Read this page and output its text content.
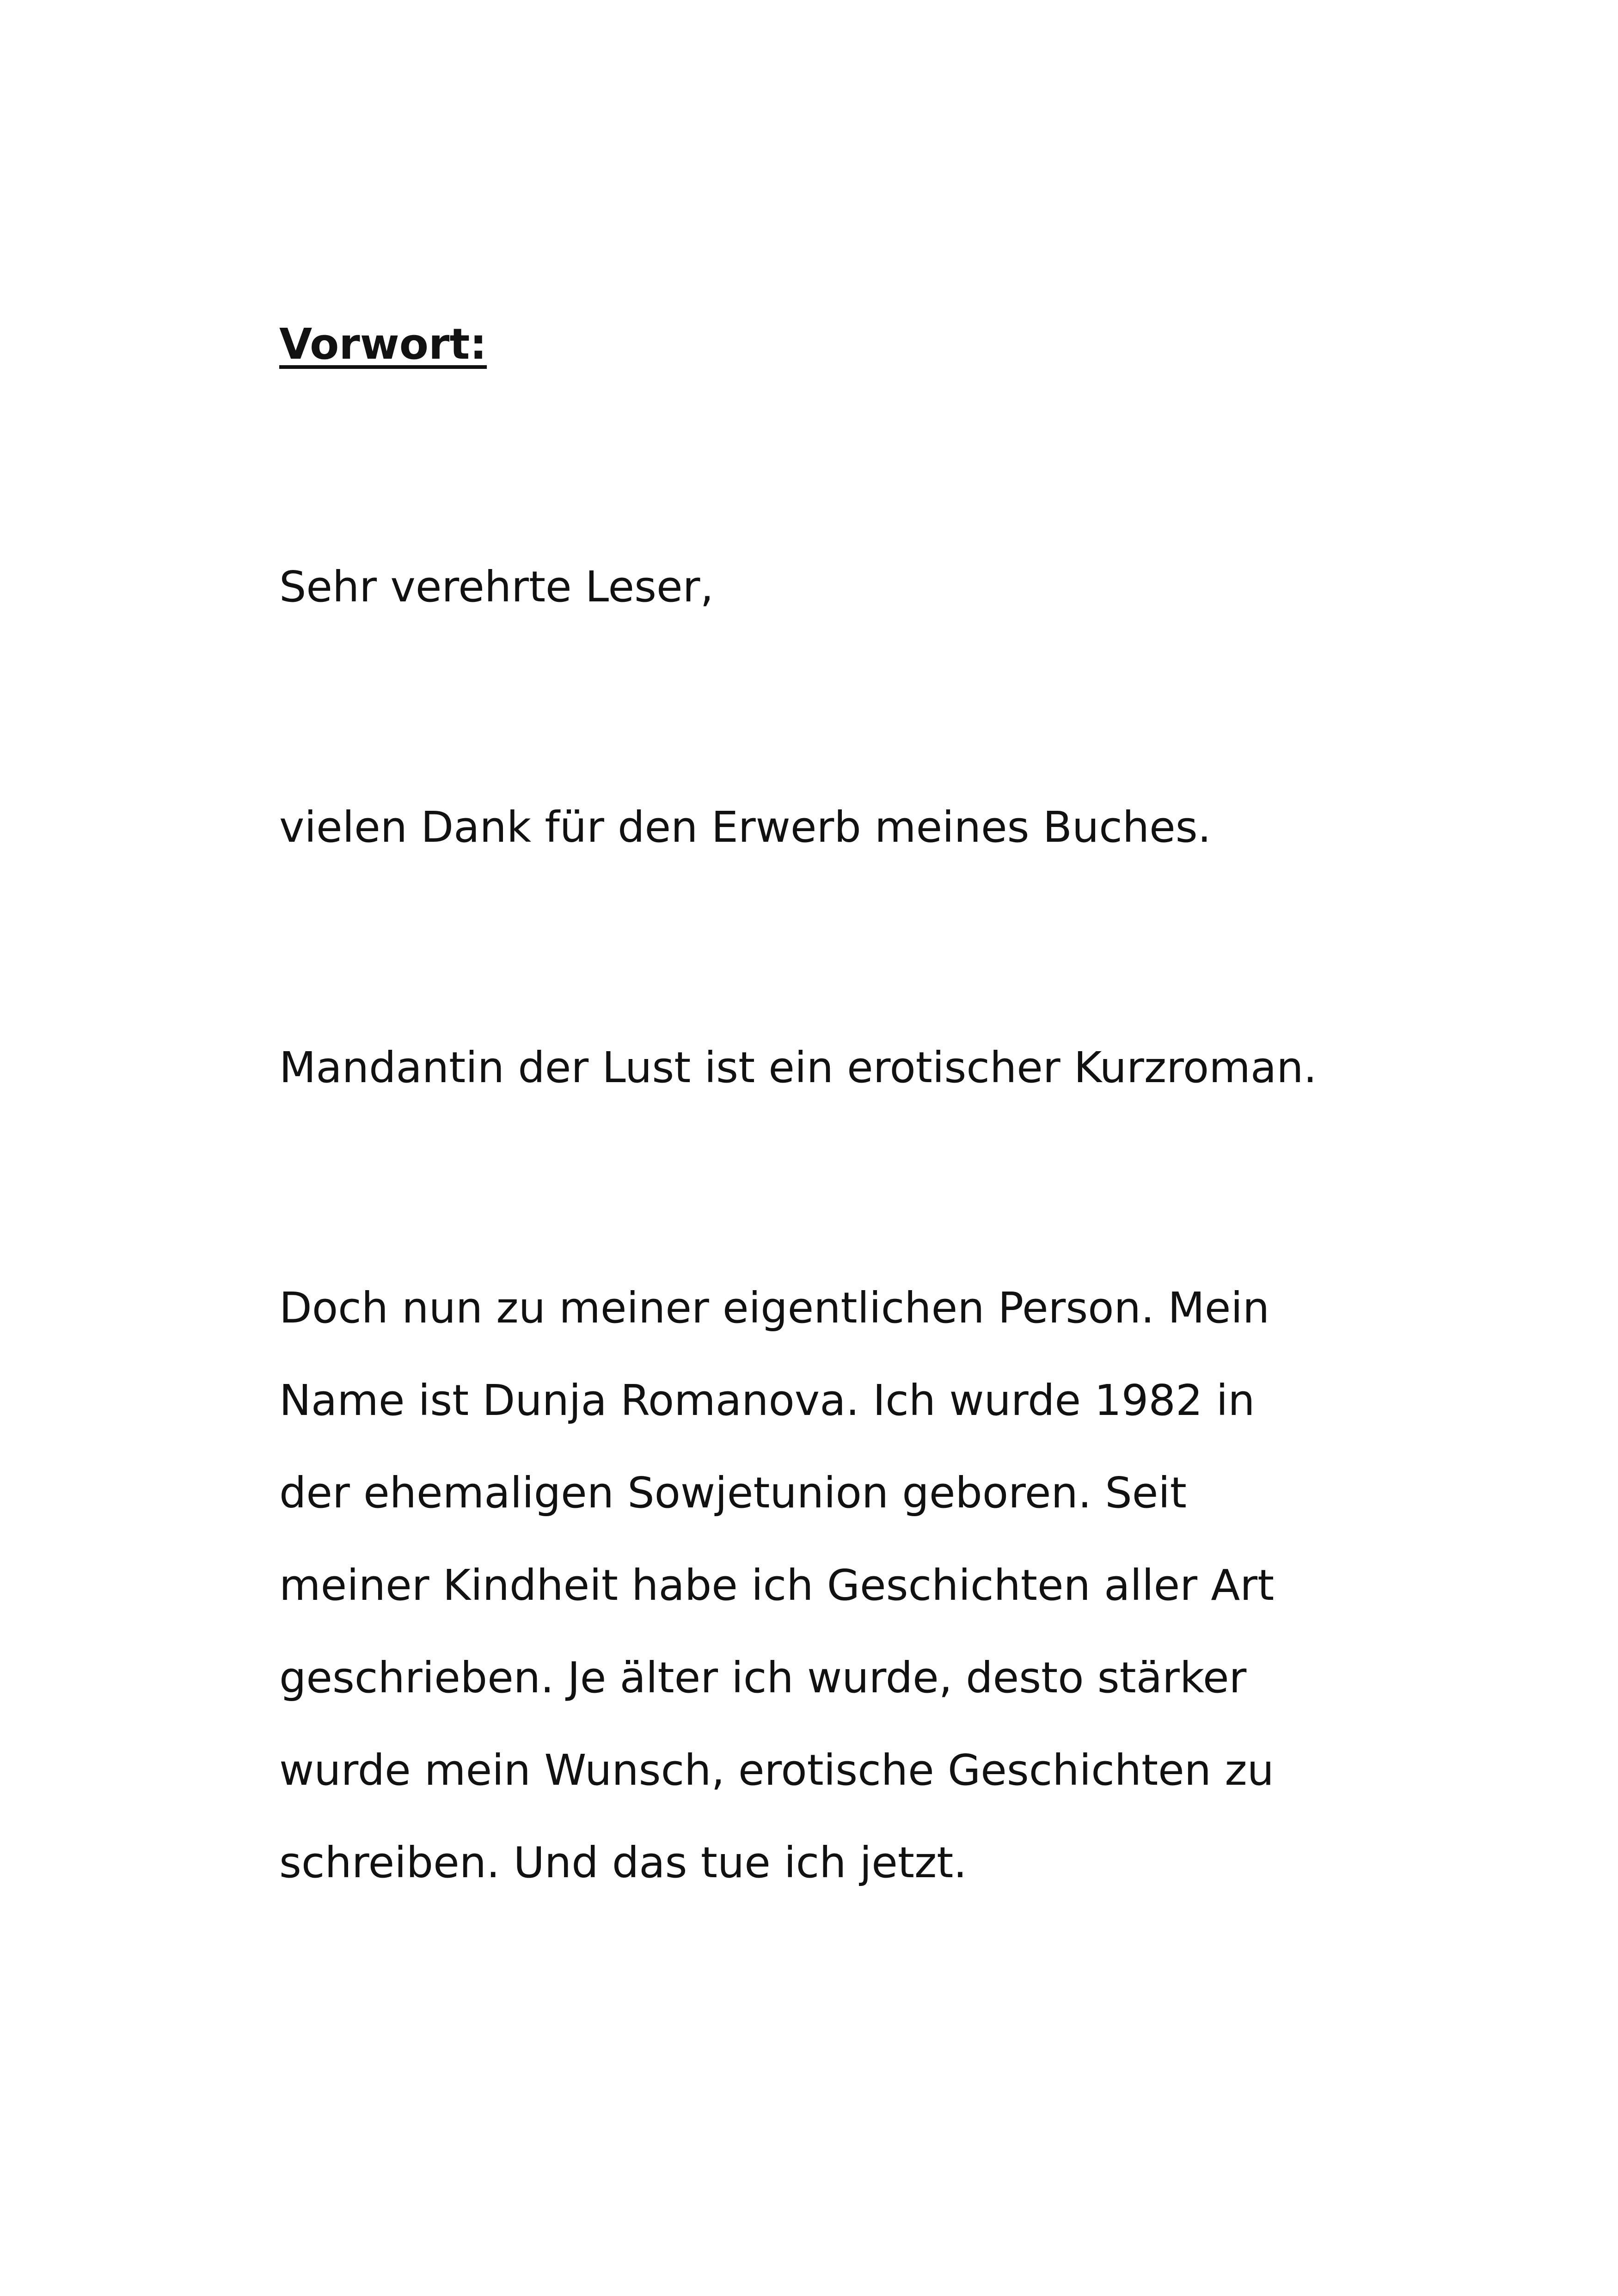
Vorwort:

Sehr verehrte Leser,

vielen Dank für den Erwerb meines Buches.

Mandantin der Lust ist ein erotischer Kurzroman.

Doch nun zu meiner eigentlichen Person. Mein

Name ist Dunja Romanova. Ich wurde 1982 in

der ehemaligen Sowjetunion geboren. Seit

meiner Kindheit habe ich Geschichten aller Art

geschrieben. Je älter ich wurde, desto stärker

wurde mein Wunsch, erotische Geschichten zu

schreiben. Und das tue ich jetzt.
